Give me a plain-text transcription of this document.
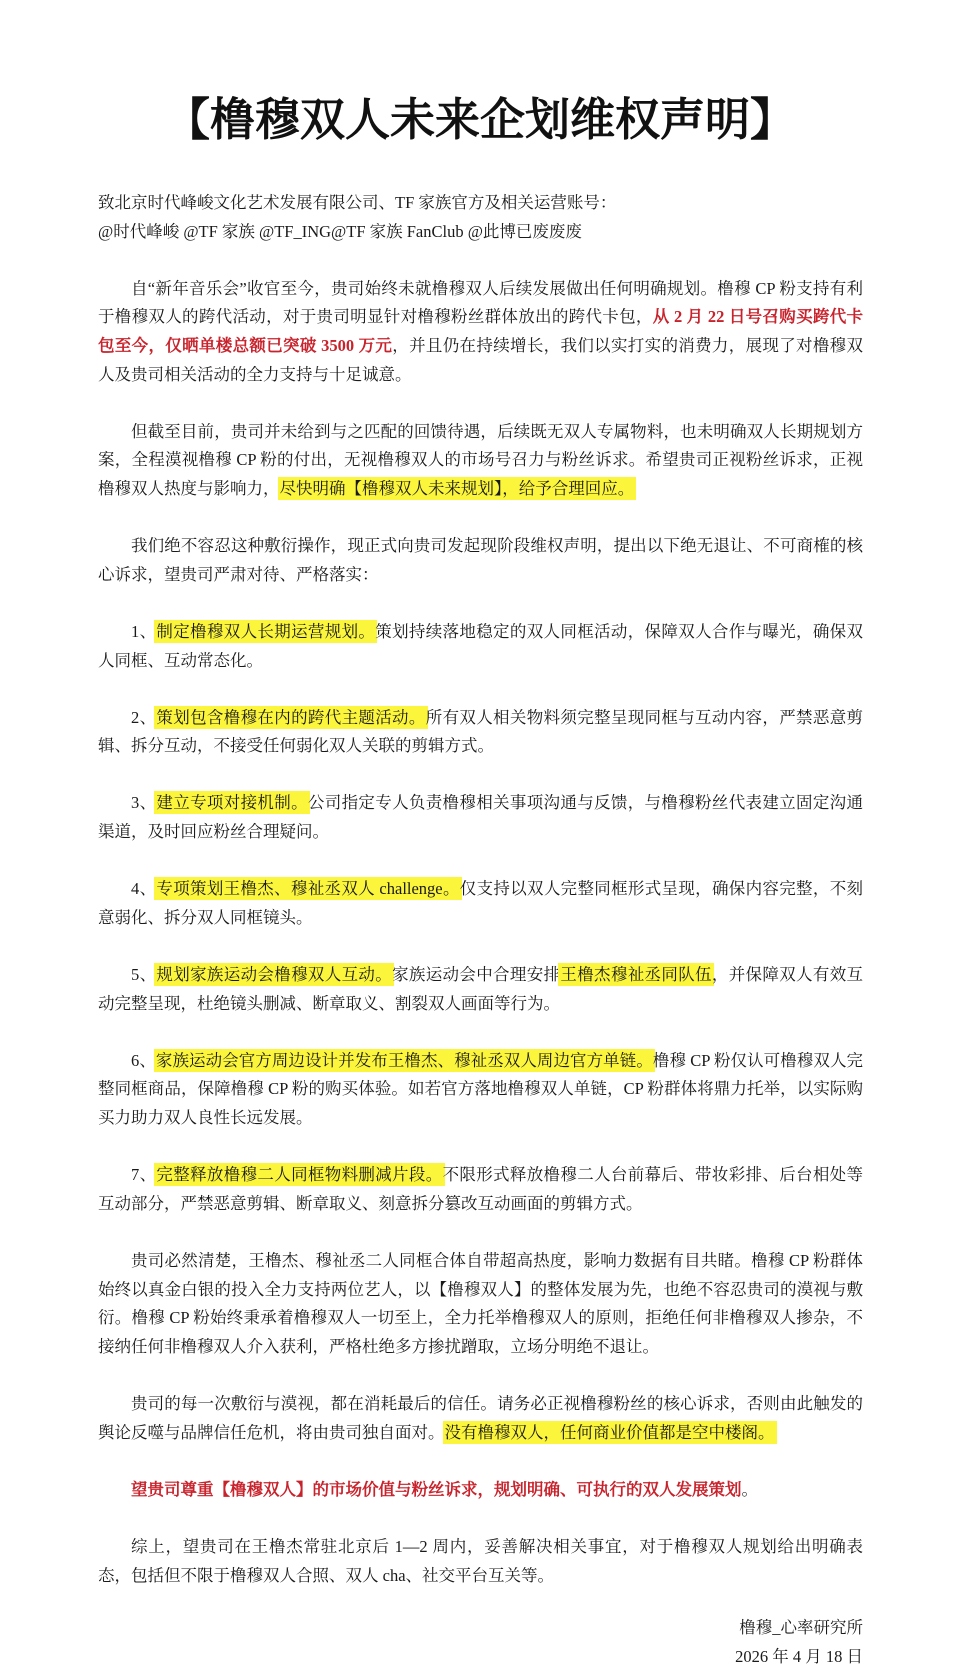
【橹穆双人未来企划维权声明】

致北京时代峰峻文化艺术发展有限公司、TF 家族官方及相关运营账号：

@时代峰峻 @TF 家族 @TF_ING@TF 家族 FanClub @此博已废废废

自“新年音乐会”收官至今，贵司始终未就橹穆双人后续发展做出任何明确规划。橹穆 CP 粉支持有利于橹穆双人的跨代活动，对于贵司明显针对橹穆粉丝群体放出的跨代卡包，从 2 月 22 日号召购买跨代卡包至今，仅晒单楼总额已突破 3500 万元，并且仍在持续增长，我们以实打实的消费力，展现了对橹穆双人及贵司相关活动的全力支持与十足诚意。

但截至目前，贵司并未给到与之匹配的回馈待遇，后续既无双人专属物料，也未明确双人长期规划方案，全程漠视橹穆 CP 粉的付出，无视橹穆双人的市场号召力与粉丝诉求。希望贵司正视粉丝诉求，正视橹穆双人热度与影响力，尽快明确【橹穆双人未来规划】，给予合理回应。

我们绝不容忍这种敷衍操作，现正式向贵司发起现阶段维权声明，提出以下绝无退让、不可商榷的核心诉求，望贵司严肃对待、严格落实：

1、制定橹穆双人长期运营规划。策划持续落地稳定的双人同框活动，保障双人合作与曝光，确保双人同框、互动常态化。

2、策划包含橹穆在内的跨代主题活动。所有双人相关物料须完整呈现同框与互动内容，严禁恶意剪辑、拆分互动，不接受任何弱化双人关联的剪辑方式。

3、建立专项对接机制。公司指定专人负责橹穆相关事项沟通与反馈，与橹穆粉丝代表建立固定沟通渠道，及时回应粉丝合理疑问。

4、专项策划王橹杰、穆祉丞双人 challenge。仅支持以双人完整同框形式呈现，确保内容完整，不刻意弱化、拆分双人同框镜头。

5、规划家族运动会橹穆双人互动。家族运动会中合理安排王橹杰穆祉丞同队伍，并保障双人有效互动完整呈现，杜绝镜头删减、断章取义、割裂双人画面等行为。

6、家族运动会官方周边设计并发布王橹杰、穆祉丞双人周边官方单链。橹穆 CP 粉仅认可橹穆双人完整同框商品，保障橹穆 CP 粉的购买体验。如若官方落地橹穆双人单链，CP 粉群体将鼎力托举，以实际购买力助力双人良性长远发展。

7、完整释放橹穆二人同框物料删减片段。不限形式释放橹穆二人台前幕后、带妆彩排、后台相处等互动部分，严禁恶意剪辑、断章取义、刻意拆分篡改互动画面的剪辑方式。

贵司必然清楚，王橹杰、穆祉丞二人同框合体自带超高热度，影响力数据有目共睹。橹穆 CP 粉群体始终以真金白银的投入全力支持两位艺人，以【橹穆双人】的整体发展为先，也绝不容忍贵司的漠视与敷衍。橹穆 CP 粉始终秉承着橹穆双人一切至上，全力托举橹穆双人的原则，拒绝任何非橹穆双人掺杂，不接纳任何非橹穆双人介入获利，严格杜绝多方掺扰蹭取，立场分明绝不退让。

贵司的每一次敷衍与漠视，都在消耗最后的信任。请务必正视橹穆粉丝的核心诉求，否则由此触发的舆论反噬与品牌信任危机，将由贵司独自面对。没有橹穆双人，任何商业价值都是空中楼阁。

望贵司尊重【橹穆双人】的市场价值与粉丝诉求，规划明确、可执行的双人发展策划。

综上，望贵司在王橹杰常驻北京后 1—2 周内，妥善解决相关事宜，对于橹穆双人规划给出明确表态，包括但不限于橹穆双人合照、双人 cha、社交平台互关等。

橹穆_心率研究所
2026 年 4 月 18 日
